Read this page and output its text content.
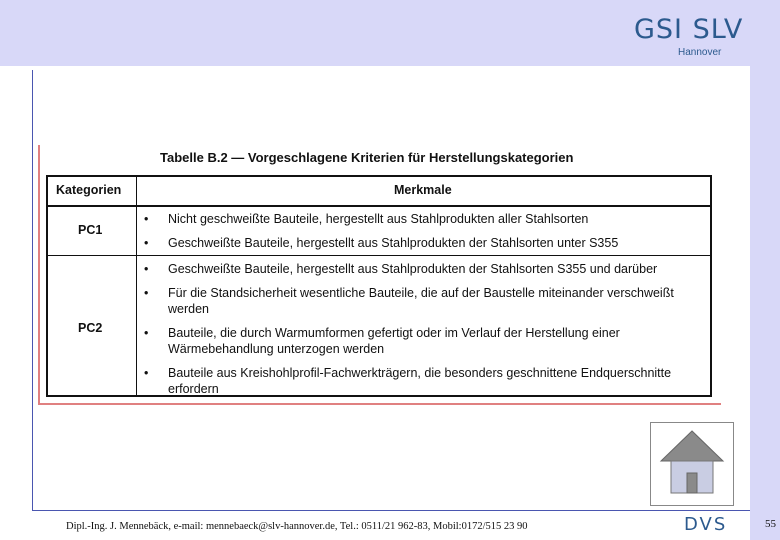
GSI SLV
Hannover
Tabelle B.2 — Vorgeschlagene Kriterien für Herstellungskategorien
Kategorien	Merkmale
PC1
•	Nicht geschweißte Bauteile, hergestellt aus Stahlprodukten aller Stahlsorten
•	Geschweißte Bauteile, hergestellt aus Stahlprodukten der Stahlsorten unter S355
PC2
•	Geschweißte Bauteile, hergestellt aus Stahlprodukten der Stahlsorten S355 und darüber
•	Für die Standsicherheit wesentliche Bauteile, die auf der Baustelle miteinander verschweißt werden
•	Bauteile, die durch Warmumformen gefertigt oder im Verlauf der Herstellung einer Wärmebehandlung unterzogen werden
•	Bauteile aus Kreishohlprofil-Fachwerkträgern, die besonders geschnittene Endquerschnitte erfordern
Dipl.-Ing. J. Mennebäck, e-mail: mennebaeck@slv-hannover.de, Tel.: 0511/21 962-83, Mobil:0172/515 23 90	DVS	55
